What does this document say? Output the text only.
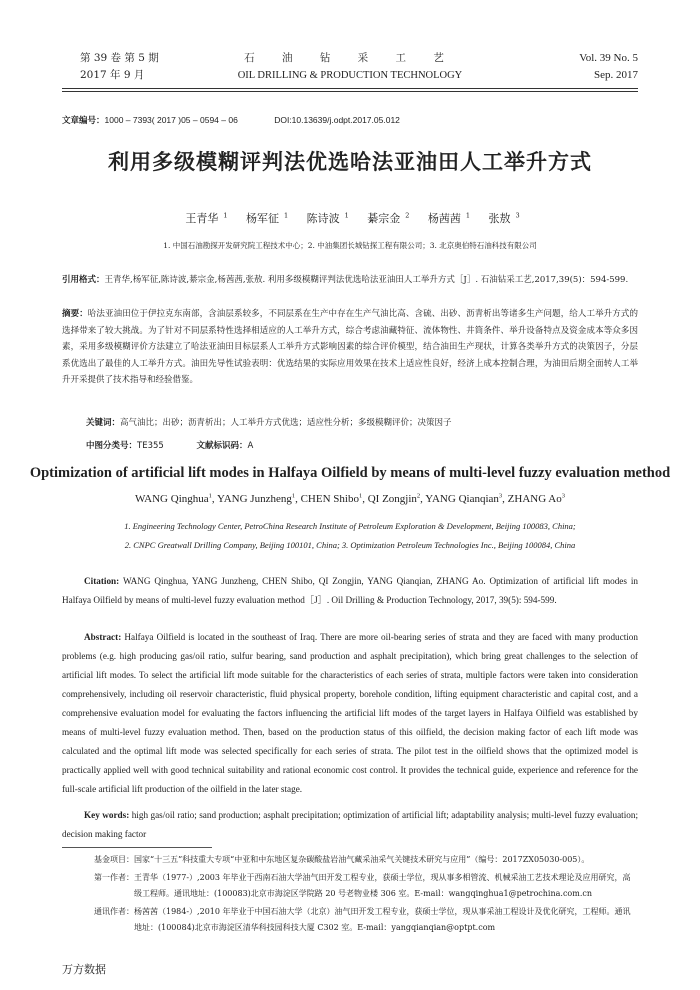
第 39 卷 第 5 期
2017 年 9 月
石 油 钻 采 工 艺
OIL DRILLING & PRODUCTION TECHNOLOGY
Vol. 39 No. 5
Sep. 2017
文章编号：1000 – 7393( 2017 )05 – 0594 – 06	DOI:10.13639/j.odpt.2017.05.012
利用多级模糊评判法优选哈法亚油田人工举升方式
王青华 $^1$ 杨军征 $^1$ 陈诗波 $^1$ 綦宗金 $^2$ 杨茜茜 $^1$ 张敖 $^3$
1. 中国石油勘探开发研究院工程技术中心；2. 中油集团长城钻探工程有限公司；3. 北京奥伯特石油科技有限公司
引用格式：王青华,杨军征,陈诗波,綦宗金,杨茜茜,张敖. 利用多级模糊评判法优选哈法亚油田人工举升方式［J］. 石油钻采工艺,2017,39(5)：594-599.
摘要：哈法亚油田位于伊拉克东南部，含油层系较多，不同层系在生产中存在生产气油比高、含硫、出砂、沥青析出等诸多生产问题，给人工举升方式的选择带来了较大挑战。为了针对不同层系特性选择相适应的人工举升方式，综合考虑油藏特征、流体物性、井筒条件、举升设备特点及资金成本等众多因素，采用多级模糊评价方法建立了哈法亚油田目标层系人工举升方式影响因素的综合评价模型，结合油田生产现状，计算各类举升方式的决策因子，分层系优选出了最佳的人工举升方式。油田先导性试验表明：优选结果的实际应用效果在技术上适应性良好，经济上成本控制合理，为油田后期全面转人工举升开采提供了技术指导和经验借鉴。
关键词：高气油比；出砂；沥青析出；人工举升方式优选；适应性分析；多级模糊评价；决策因子
中图分类号：TE355	文献标识码：A
Optimization of artificial lift modes in Halfaya Oilfield by means of multi-level fuzzy evaluation method
WANG Qinghua$^1$, YANG Junzheng$^1$, CHEN Shibo$^1$, QI Zongjin$^2$, YANG Qianqian$^3$, ZHANG Ao$^3$
1. Engineering Technology Center, PetroChina Research Institute of Petroleum Exploration & Development, Beijing 100083, China;
2. CNPC Greatwall Drilling Company, Beijing 100101, China; 3. Optimization Petroleum Technologies Inc., Beijing 100084, China
Citation: WANG Qinghua, YANG Junzheng, CHEN Shibo, QI Zongjin, YANG Qianqian, ZHANG Ao. Optimization of artificial lift modes in Halfaya Oilfield by means of multi-level fuzzy evaluation method［J］. Oil Drilling & Production Technology, 2017, 39(5): 594-599.
Abstract: Halfaya Oilfield is located in the southeast of Iraq. There are more oil-bearing series of strata and they are faced with many production problems (e.g. high producing gas/oil ratio, sulfur bearing, sand production and asphalt precipitation), which bring great challenges to the selection of artificial lift modes. To select the artificial lift mode suitable for the characteristics of each series of strata, multiple factors were taken into consideration comprehensively, including oil reservoir characteristic, fluid physical property, borehole condition, lifting equipment characteristic and capital cost, and a comprehensive evaluation model for evaluating the factors influencing the artificial lift modes of the target layers in Halfaya Oilfield was established by means of multi-level fuzzy evaluation method. Then, based on the production status of this oilfield, the decision making factor of each lift mode was calculated and the optimal lift mode was selected specifically for each series of strata. The pilot test in the oilfield shows that the optimized model is practically applied well with good technical suitability and rational economic cost control. It provides the technical guide, experience and reference for the full-scale artificial lift production of the oilfield in the later stage.
Key words: high gas/oil ratio; sand production; asphalt precipitation; optimization of artificial lift; adaptability analysis; multi-level fuzzy evaluation; decision making factor
基金项目：国家“十三五”科技重大专项“中亚和中东地区复杂碳酸盐岩油气藏采油采气关键技术研究与应用”（编号：2017ZX05030-005）。
第一作者：王青华（1977-）,2003 年毕业于西南石油大学油气田开发工程专业，获硕士学位，现从事多相管流、机械采油工艺技术理论及应用研究，高级工程师。通讯地址：(100083)北京市海淀区学院路 20 号老物业楼 306 室。E-mail：wangqinghua1@petrochina.com.cn
通讯作者：杨茜茜（1984-）,2010 年毕业于中国石油大学（北京）油气田开发工程专业，获硕士学位，现从事采油工程设计及优化研究，工程师。通讯地址：(100084)北京市海淀区清华科技园科技大厦 C302 室。E-mail：yangqianqian@optpt.com
万方数据
